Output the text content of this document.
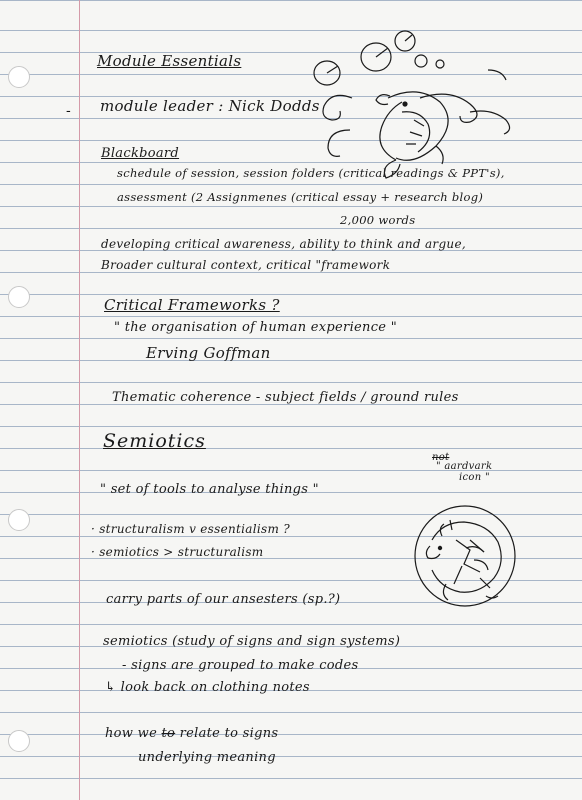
-
Module Essentials
module leader : Nick Dodds
Blackboard
schedule of session, session folders (critical readings & PPT's),
assessment (2 Assignmenes (critical essay + research blog)
2,000 words
developing critical awareness, ability to think and argue,
Broader cultural context, critical "framework
Critical Frameworks ?
" the organisation of human experience "
Erving Goffman
Thematic coherence - subject fields / ground rules
Semiotics
not
" aardvark
icon "
" set of tools to analyse things "
· structuralism v essentialism ?
· semiotics > structuralism
carry parts of our ansesters (sp.?)
semiotics (study of signs and sign systems)
- signs are grouped to make codes
↳ look back on clothing notes
how we to relate to signs
underlying meaning
